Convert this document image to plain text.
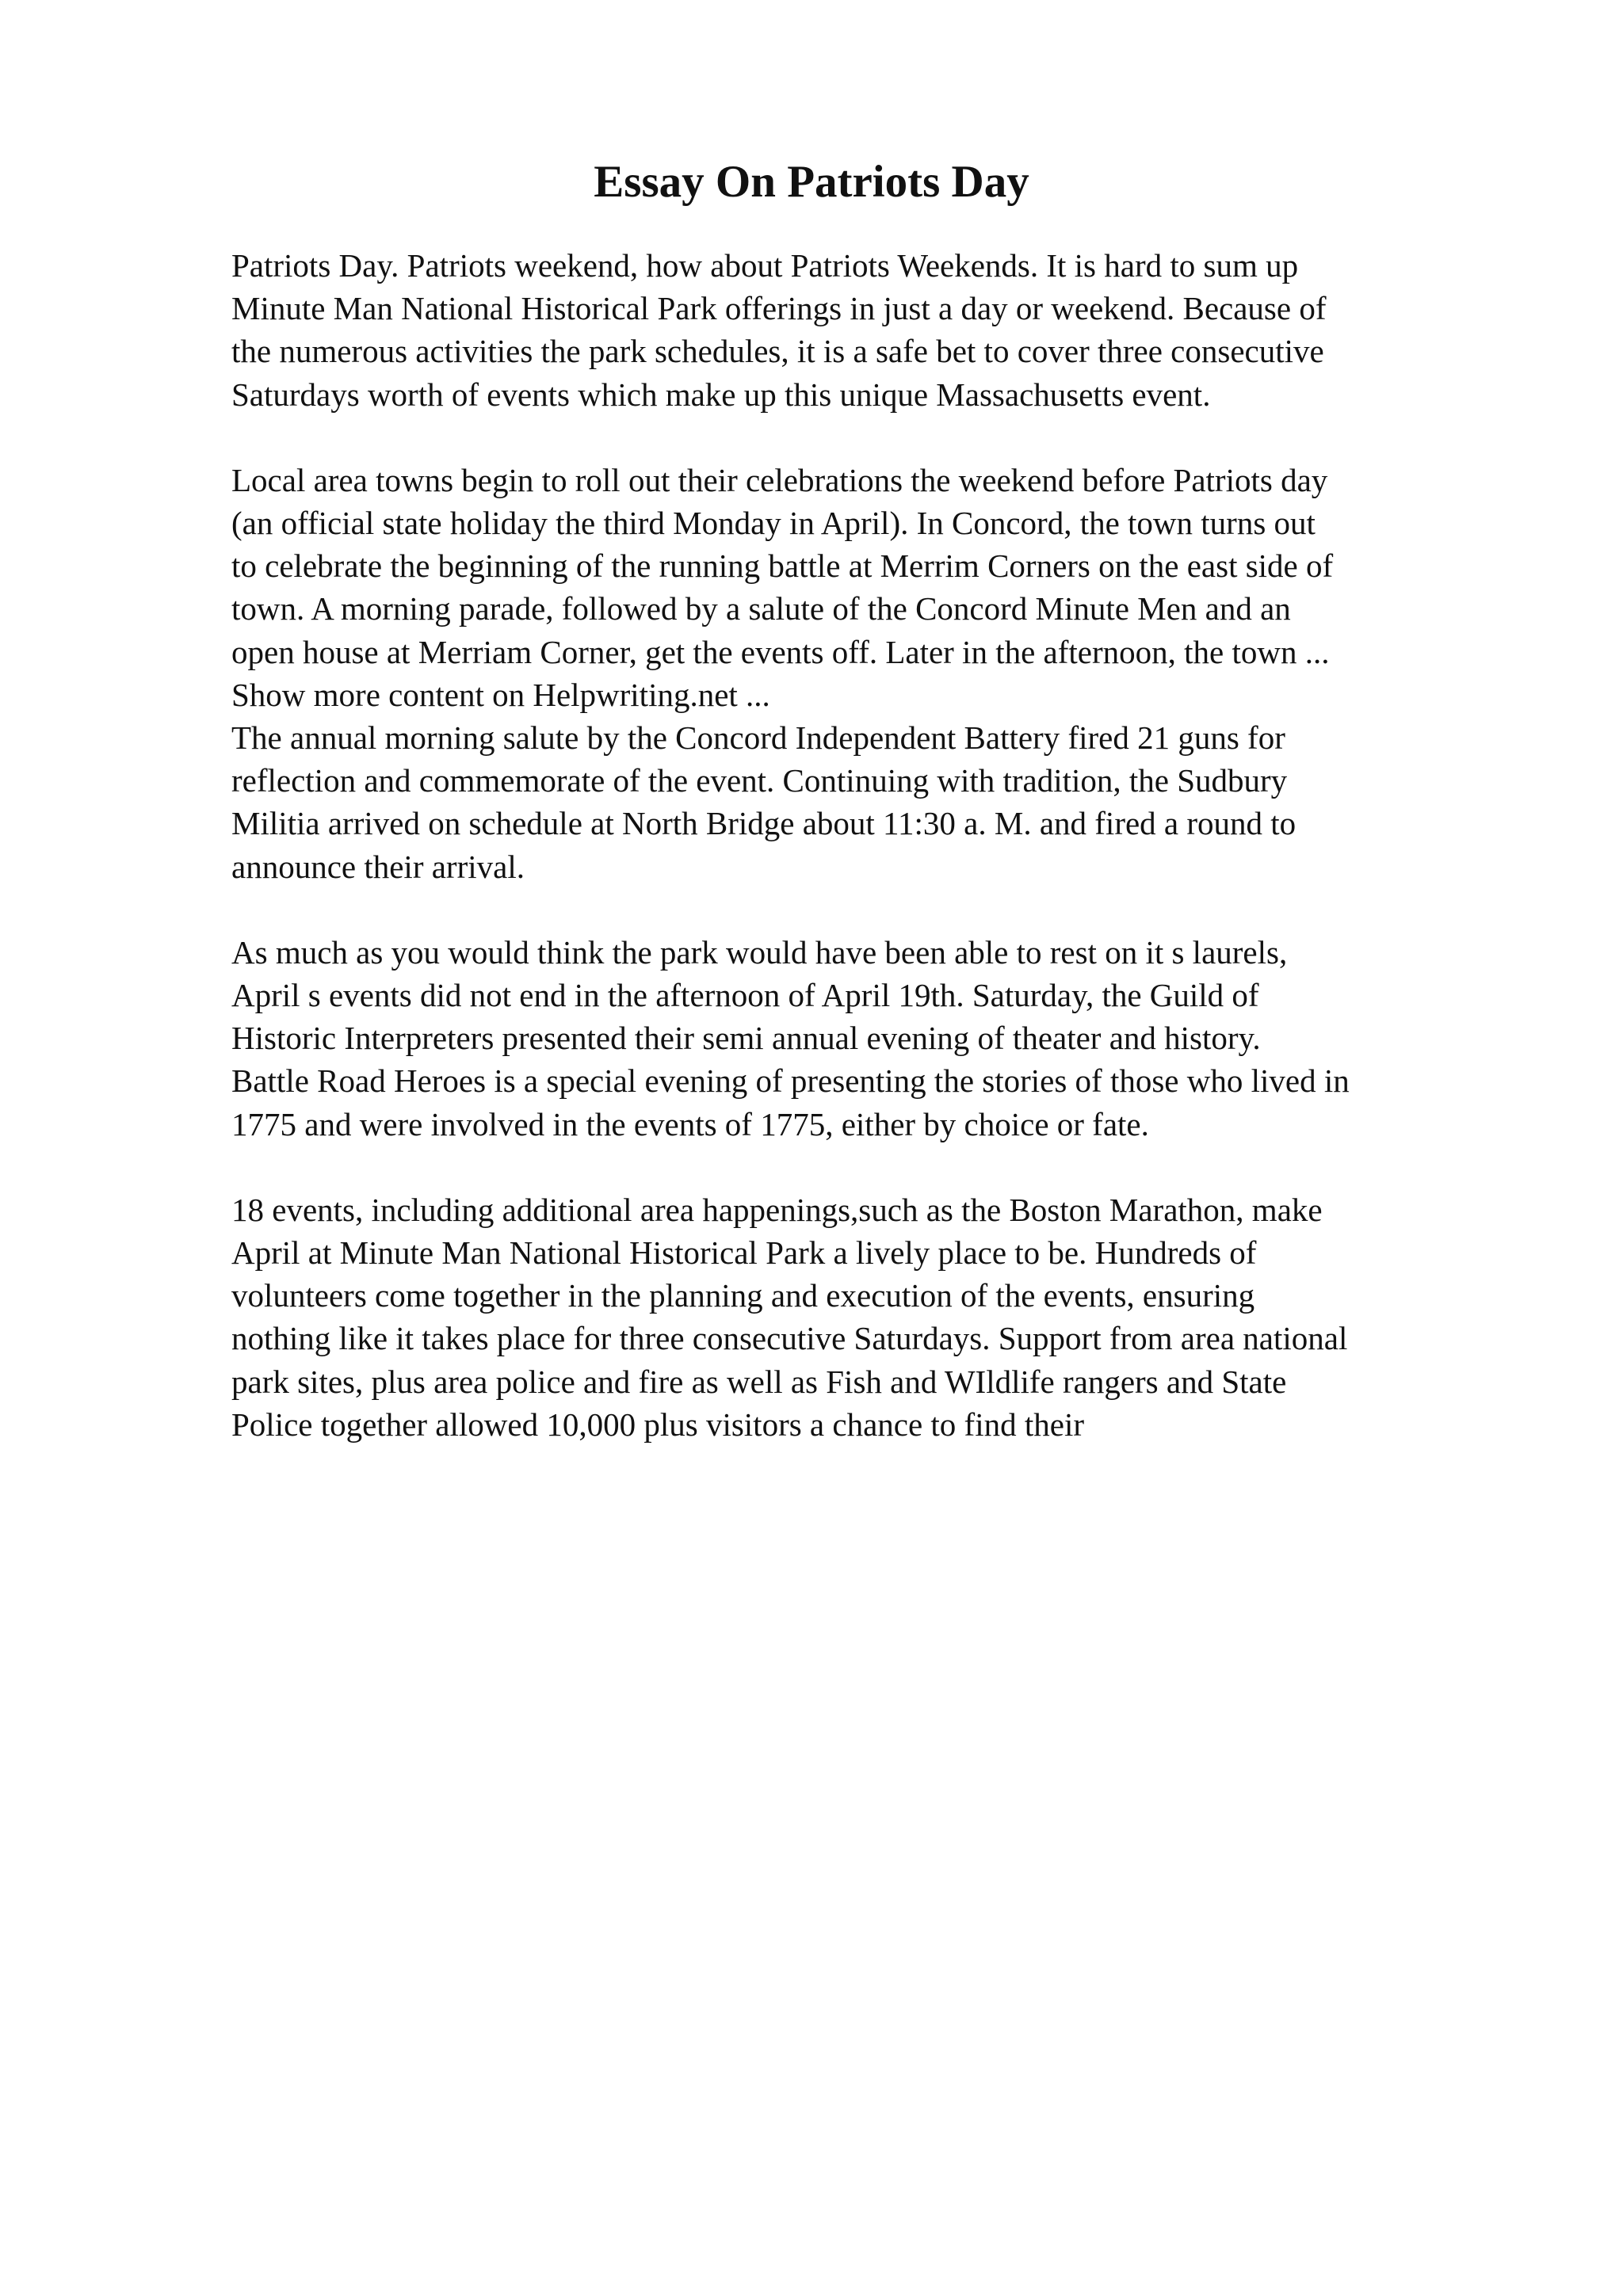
Essay On Patriots Day
Patriots Day. Patriots weekend, how about Patriots Weekends. It is hard to sum up
Minute Man National Historical Park offerings in just a day or weekend. Because of
the numerous activities the park schedules, it is a safe bet to cover three consecutive
Saturdays worth of events which make up this unique Massachusetts event.
Local area towns begin to roll out their celebrations the weekend before Patriots day
(an official state holiday the third Monday in April). In Concord, the town turns out
to celebrate the beginning of the running battle at Merrim Corners on the east side of
town. A morning parade, followed by a salute of the Concord Minute Men and an
open house at Merriam Corner, get the events off. Later in the afternoon, the town ...
Show more content on Helpwriting.net ...
The annual morning salute by the Concord Independent Battery fired 21 guns for
reflection and commemorate of the event. Continuing with tradition, the Sudbury
Militia arrived on schedule at North Bridge about 11:30 a. M. and fired a round to
announce their arrival.
As much as you would think the park would have been able to rest on it s laurels,
April s events did not end in the afternoon of April 19th. Saturday, the Guild of
Historic Interpreters presented their semi annual evening of theater and history.
Battle Road Heroes is a special evening of presenting the stories of those who lived in
1775 and were involved in the events of 1775, either by choice or fate.
18 events, including additional area happenings,such as the Boston Marathon, make
April at Minute Man National Historical Park a lively place to be. Hundreds of
volunteers come together in the planning and execution of the events, ensuring
nothing like it takes place for three consecutive Saturdays. Support from area national
park sites, plus area police and fire as well as Fish and WIldlife rangers and State
Police together allowed 10,000 plus visitors a chance to find their
